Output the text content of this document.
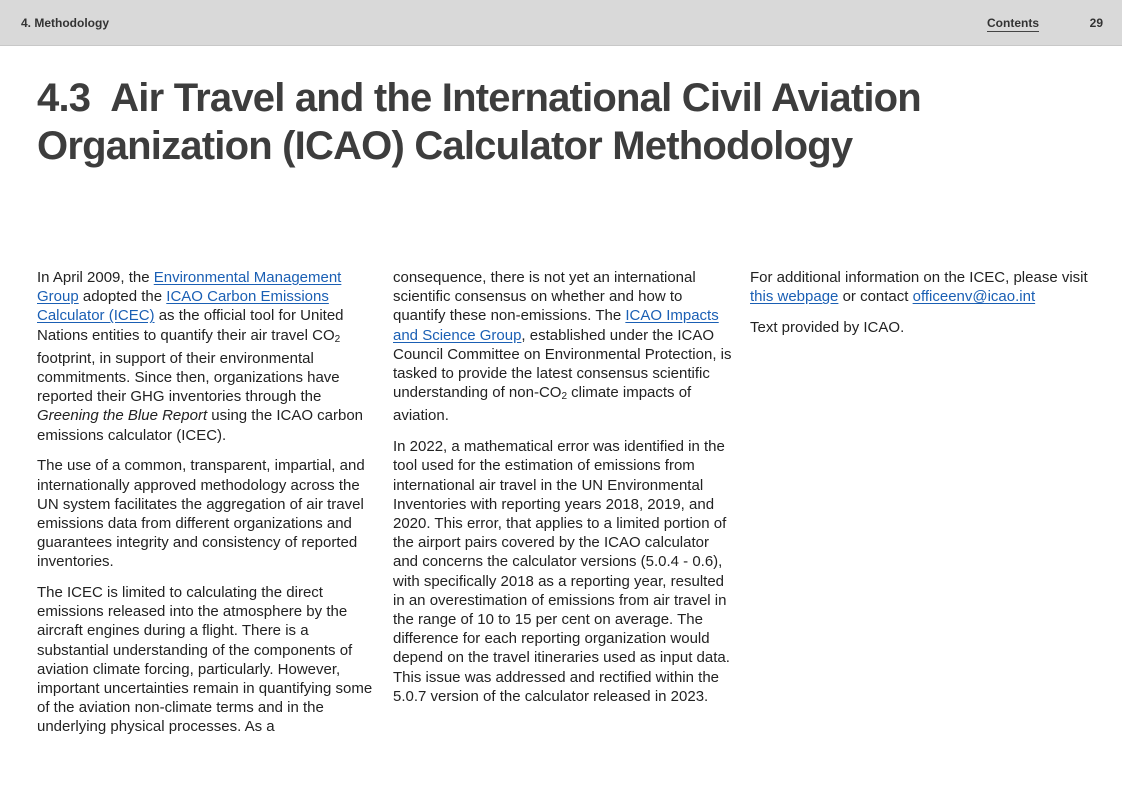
4. Methodology	Contents	29
4.3 Air Travel and the International Civil Aviation
Organization (ICAO) Calculator Methodology

In April 2009, the Environmental Management Group adopted the ICAO Carbon Emissions Calculator (ICEC) as the official tool for United Nations entities to quantify their air travel $CO_2$ footprint, in support of their environmental commitments. Since then, organizations have reported their GHG inventories through the Greening the Blue Report using the ICAO carbon emissions calculator (ICEC).

The use of a common, transparent, impartial, and internationally approved methodology across the UN system facilitates the aggregation of air travel emissions data from different organizations and guarantees integrity and consistency of reported inventories.

The ICEC is limited to calculating the direct emissions released into the atmosphere by the aircraft engines during a flight. There is a substantial understanding of the components of aviation climate forcing, particularly. However, important uncertainties remain in quantifying some of the aviation non-climate terms and in the underlying physical processes. As a

consequence, there is not yet an international scientific consensus on whether and how to quantify these non-emissions. The ICAO Impacts and Science Group, established under the ICAO Council Committee on Environmental Protection, is tasked to provide the latest consensus scientific understanding of non-$CO_2$ climate impacts of aviation.

In 2022, a mathematical error was identified in the tool used for the estimation of emissions from international air travel in the UN Environmental Inventories with reporting years 2018, 2019, and 2020. This error, that applies to a limited portion of the airport pairs covered by the ICAO calculator and concerns the calculator versions (5.0.4 - 0.6), with specifically 2018 as a reporting year, resulted in an overestimation of emissions from air travel in the range of 10 to 15 per cent on average. The difference for each reporting organization would depend on the travel itineraries used as input data. This issue was addressed and rectified within the 5.0.7 version of the calculator released in 2023.

For additional information on the ICEC, please visit this webpage or contact officeenv@icao.int

Text provided by ICAO.
